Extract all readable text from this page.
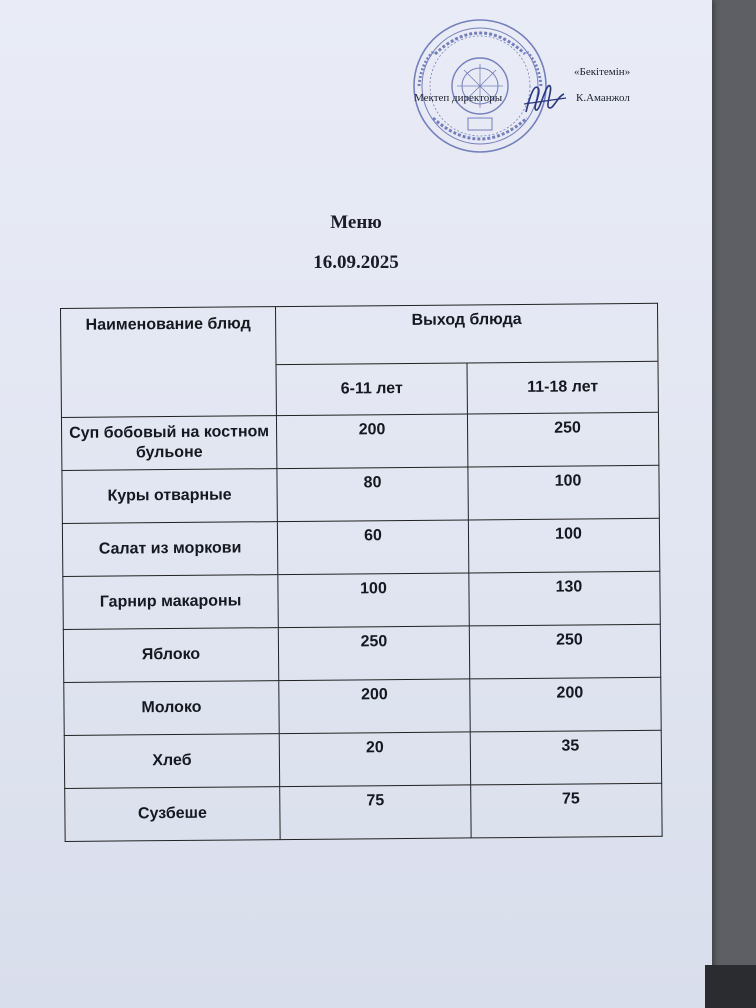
«Бекітемін»
Мектеп директоры	К.Аманжол
Меню
16.09.2025
Наименование блюд	Выход блюда	
	6-11 лет	11-18 лет
Суп бобовый на костном бульоне	200	250
Куры отварные	80	100
Салат из моркови	60	100
Гарнир макароны	100	130
Яблоко	250	250
Молоко	200	200
Хлеб	20	35
Сузбеше	75	75
